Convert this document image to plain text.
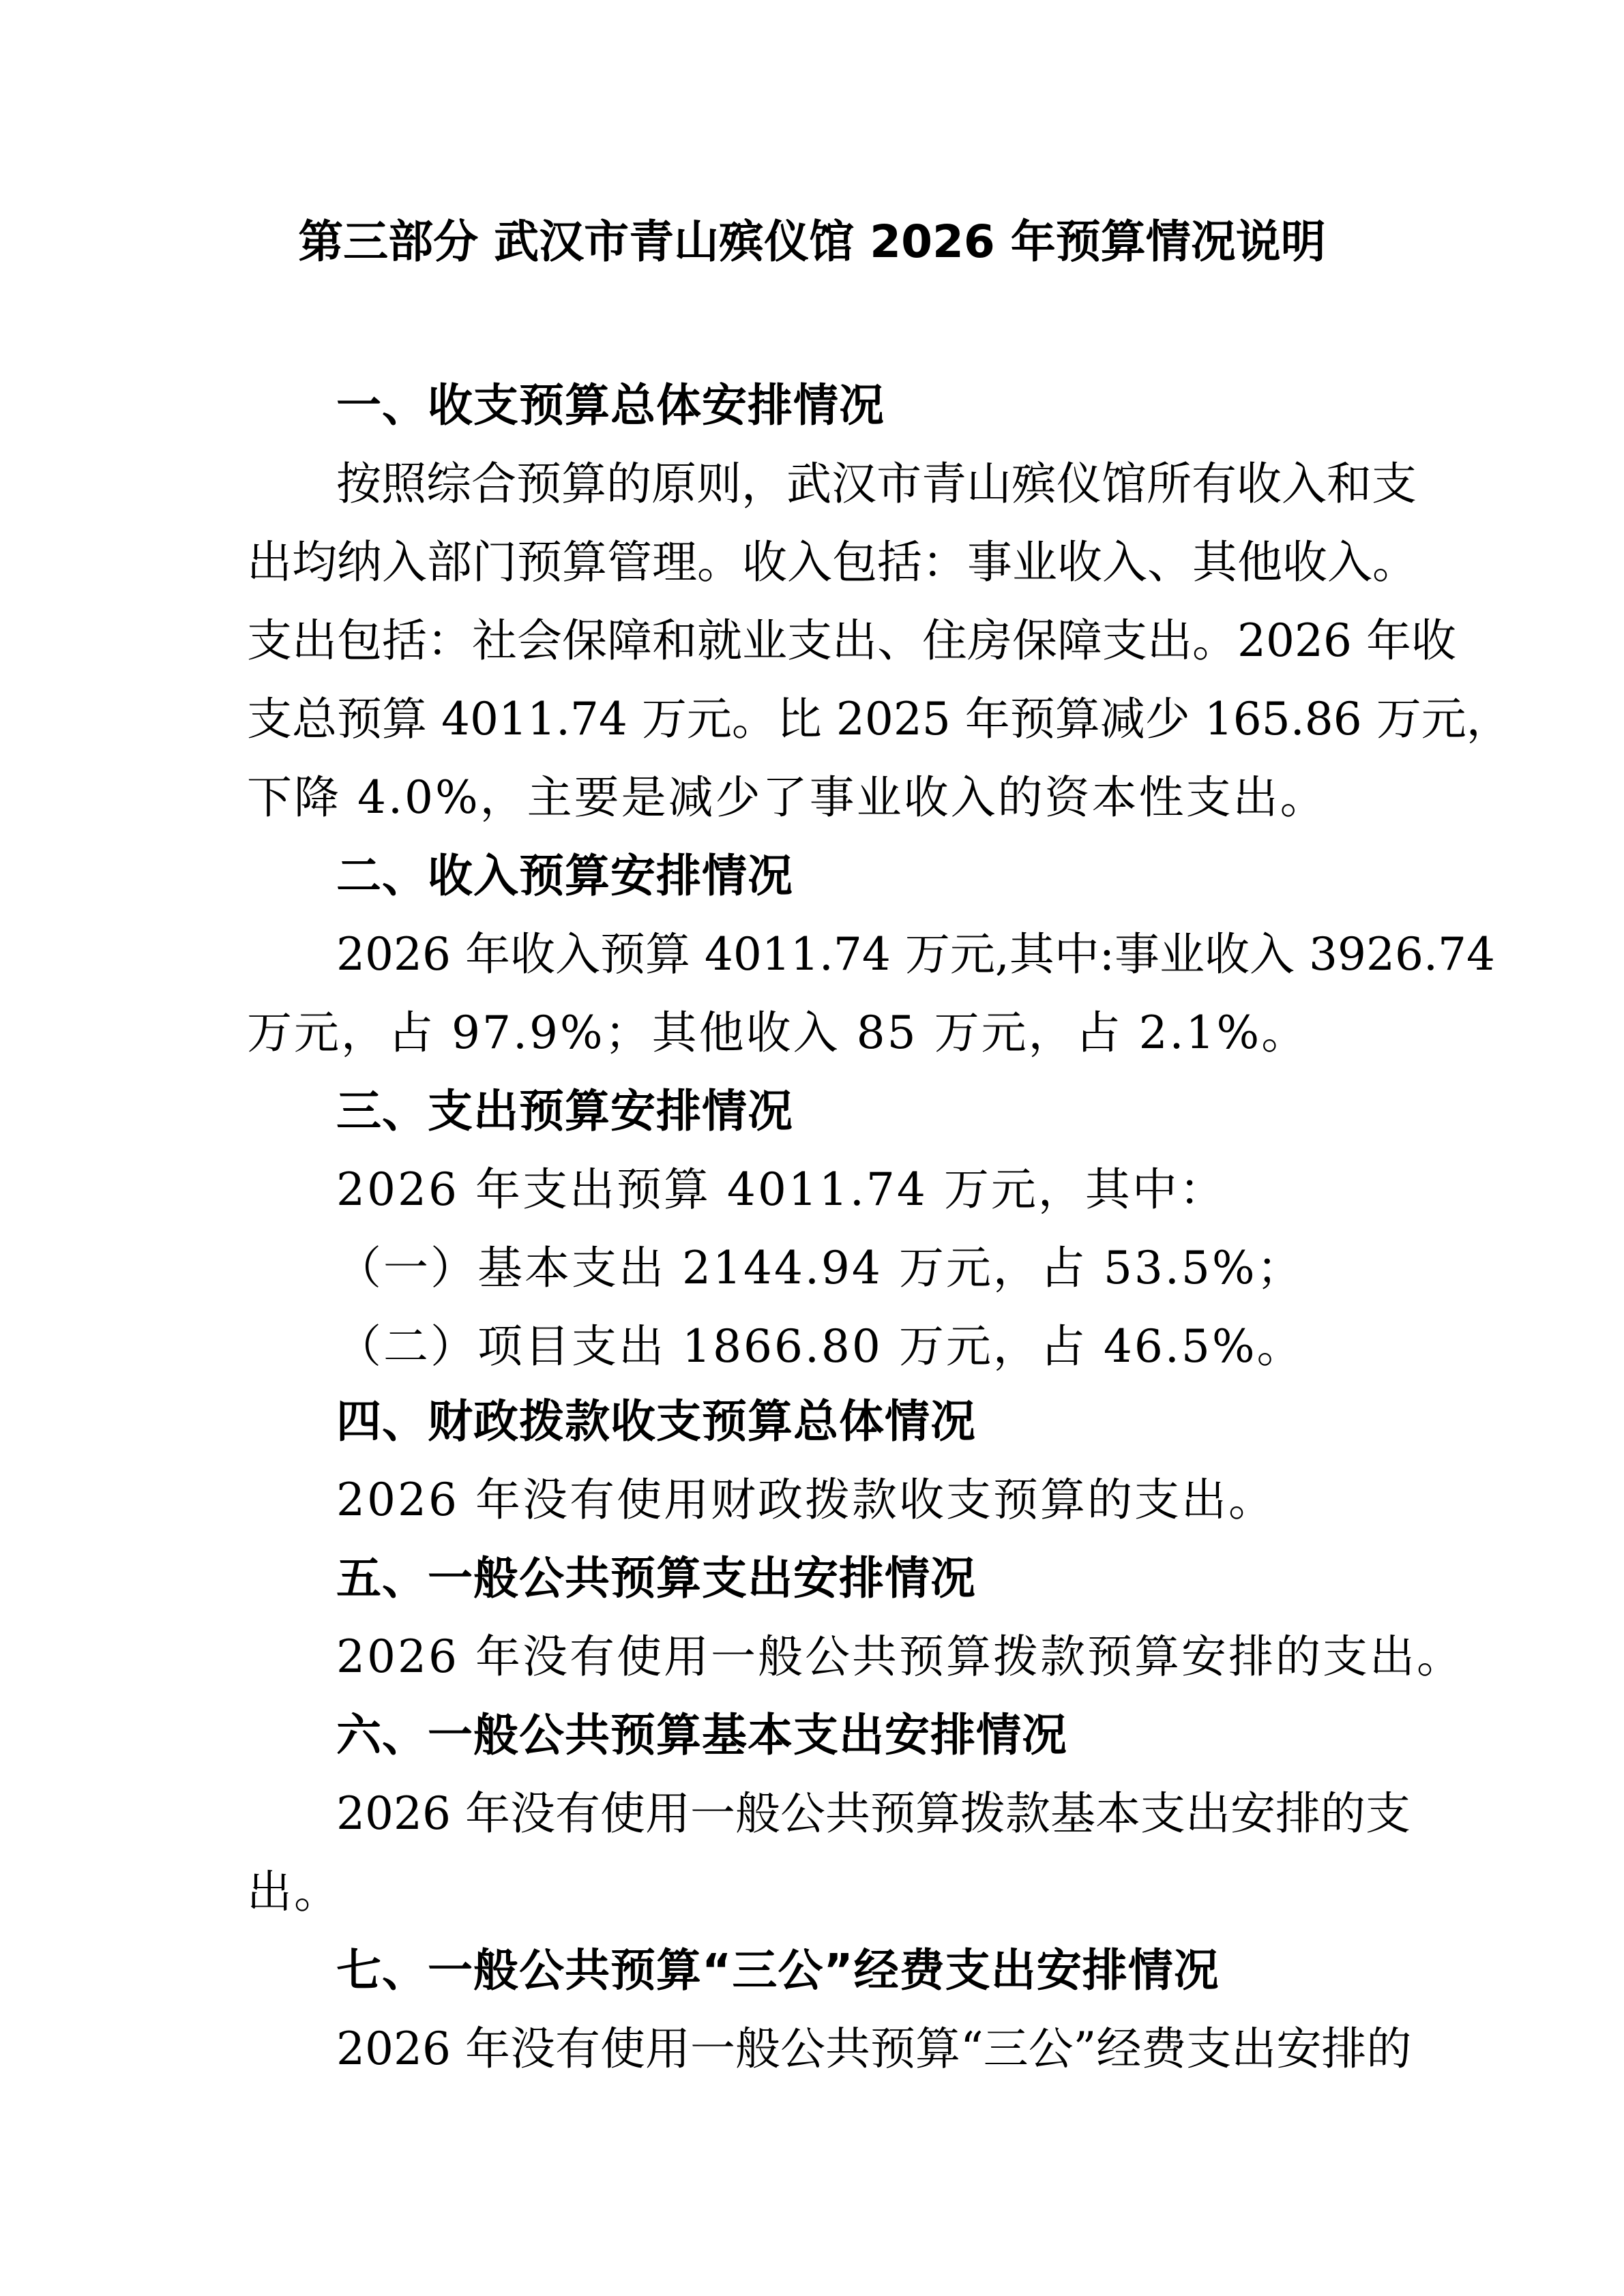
第三部分 武汉市青山殡仪馆 2026 年预算情况说明
一、收支预算总体安排情况
按照综合预算的原则，武汉市青山殡仪馆所有收入和支
出均纳入部门预算管理。收入包括：事业收入、其他收入。
支出包括：社会保障和就业支出、住房保障支出。2026 年收
支总预算 4011.74 万元。比 2025 年预算减少 165.86 万元，
下降 4.0%，主要是减少了事业收入的资本性支出。
二、收入预算安排情况
2026 年收入预算 4011.74 万元,其中:事业收入 3926.74
万元，占 97.9%；其他收入 85 万元，占 2.1%。
三、支出预算安排情况
2026 年支出预算 4011.74 万元，其中：
（一）基本支出 2144.94 万元，占 53.5%；
（二）项目支出 1866.80 万元，占 46.5%。
四、财政拨款收支预算总体情况
2026 年没有使用财政拨款收支预算的支出。
五、一般公共预算支出安排情况
2026 年没有使用一般公共预算拨款预算安排的支出。
六、一般公共预算基本支出安排情况
2026 年没有使用一般公共预算拨款基本支出安排的支
出。
七、一般公共预算“三公”经费支出安排情况
2026 年没有使用一般公共预算“三公”经费支出安排的
